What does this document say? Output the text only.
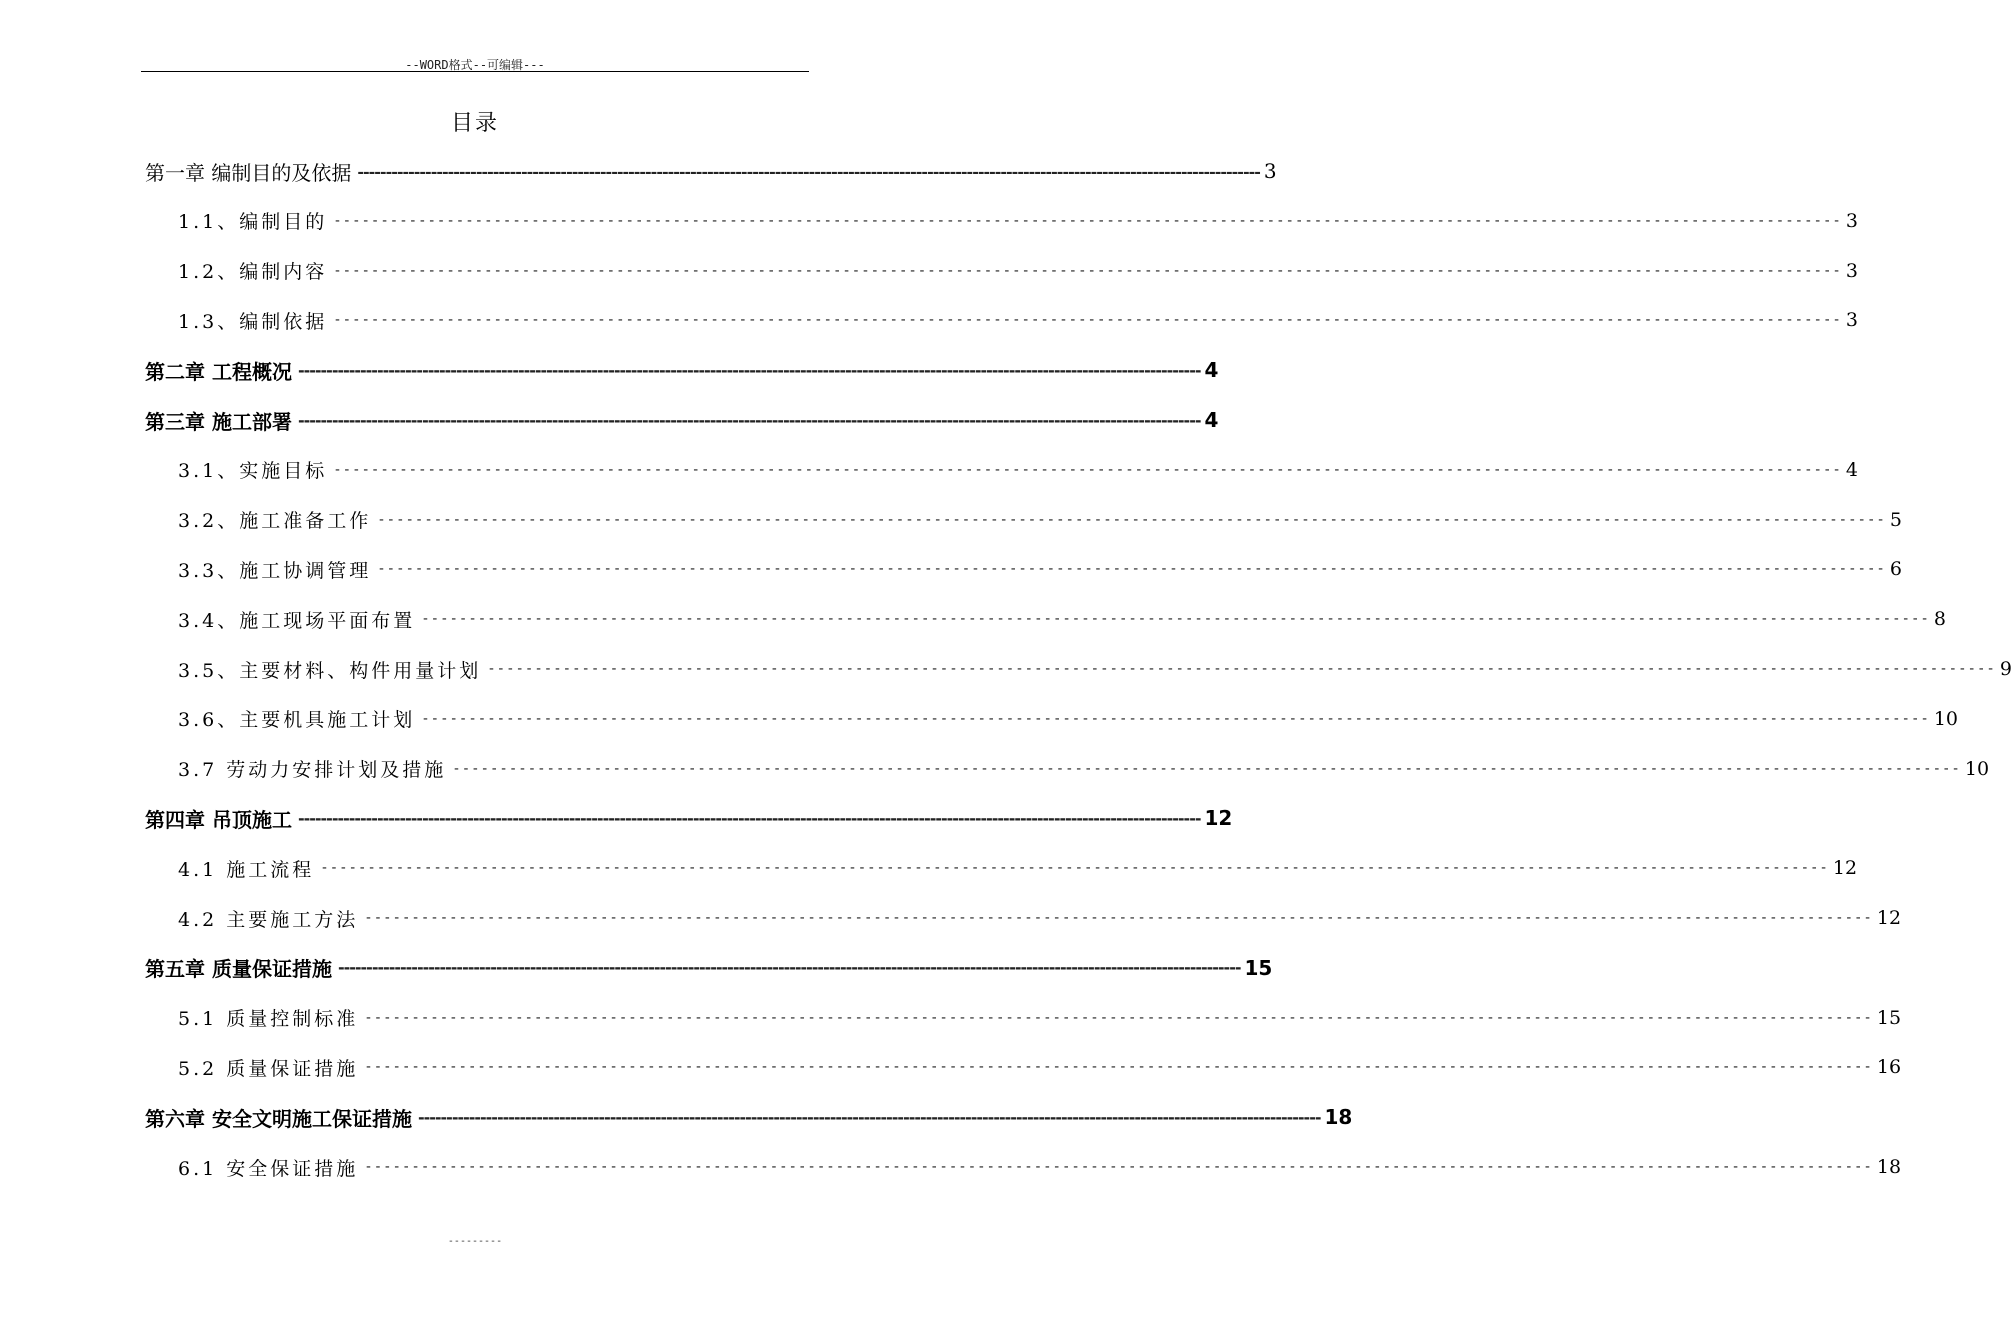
--WORD格式--可编辑---
目录
第一章 编制目的及依据 ---------------------------------------------------------------------------------------------------------------------------------------------------------------- 3
1.1、编制目的 ---------------------------------------------------------------------------------------------------------------------------------------------------------------- 3
1.2、编制内容 ---------------------------------------------------------------------------------------------------------------------------------------------------------------- 3
1.3、编制依据 ---------------------------------------------------------------------------------------------------------------------------------------------------------------- 3
第二章 工程概况 ---------------------------------------------------------------------------------------------------------------------------------------------------------------- 4
第三章 施工部署 ---------------------------------------------------------------------------------------------------------------------------------------------------------------- 4
3.1、实施目标 ---------------------------------------------------------------------------------------------------------------------------------------------------------------- 4
3.2、施工准备工作 ---------------------------------------------------------------------------------------------------------------------------------------------------------------- 5
3.3、施工协调管理 ---------------------------------------------------------------------------------------------------------------------------------------------------------------- 6
3.4、施工现场平面布置 ---------------------------------------------------------------------------------------------------------------------------------------------------------------- 8
3.5、主要材料、构件用量计划 ---------------------------------------------------------------------------------------------------------------------------------------------------------------- 9
3.6、主要机具施工计划 ---------------------------------------------------------------------------------------------------------------------------------------------------------------- 10
3.7 劳动力安排计划及措施 ---------------------------------------------------------------------------------------------------------------------------------------------------------------- 10
第四章 吊顶施工 ---------------------------------------------------------------------------------------------------------------------------------------------------------------- 12
4.1 施工流程 ---------------------------------------------------------------------------------------------------------------------------------------------------------------- 12
4.2 主要施工方法 ---------------------------------------------------------------------------------------------------------------------------------------------------------------- 12
第五章 质量保证措施 ---------------------------------------------------------------------------------------------------------------------------------------------------------------- 15
5.1 质量控制标准 ---------------------------------------------------------------------------------------------------------------------------------------------------------------- 15
5.2 质量保证措施 ---------------------------------------------------------------------------------------------------------------------------------------------------------------- 16
第六章 安全文明施工保证措施 ---------------------------------------------------------------------------------------------------------------------------------------------------------------- 18
6.1 安全保证措施 ---------------------------------------------------------------------------------------------------------------------------------------------------------------- 18
---------
